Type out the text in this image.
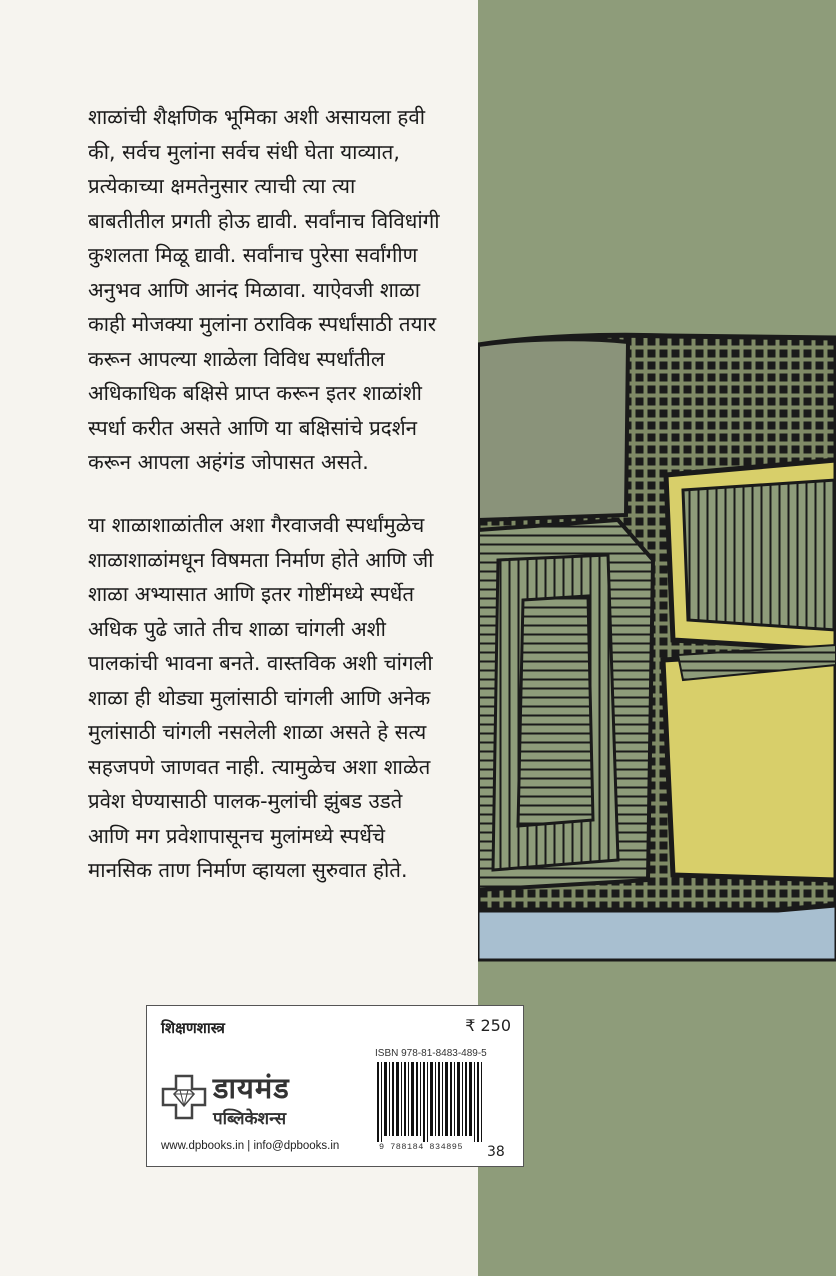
शाळांची शैक्षणिक भूमिका अशी असायला हवी
की, सर्वच मुलांना सर्वच संधी घेता याव्यात,
प्रत्येकाच्या क्षमतेनुसार त्याची त्या त्या
बाबतीतील प्रगती होऊ द्यावी. सर्वांनाच विविधांगी
कुशलता मिळू द्यावी. सर्वांनाच पुरेसा सर्वांगीण
अनुभव आणि आनंद मिळावा. याऐवजी शाळा
काही मोजक्या मुलांना ठराविक स्पर्धांसाठी तयार
करून आपल्या शाळेला विविध स्पर्धांतील
अधिकाधिक बक्षिसे प्राप्त करून इतर शाळांशी
स्पर्धा करीत असते आणि या बक्षिसांचे प्रदर्शन
करून आपला अहंगंड जोपासत असते.
या शाळाशाळांतील अशा गैरवाजवी स्पर्धांमुळेच
शाळाशाळांमधून विषमता निर्माण होते आणि जी
शाळा अभ्यासात आणि इतर गोष्टींमध्ये स्पर्धेत
अधिक पुढे जाते तीच शाळा चांगली अशी
पालकांची भावना बनते. वास्तविक अशी चांगली
शाळा ही थोड्या मुलांसाठी चांगली आणि अनेक
मुलांसाठी चांगली नसलेली शाळा असते हे सत्य
सहजपणे जाणवत नाही. त्यामुळेच अशा शाळेत
प्रवेश घेण्यासाठी पालक-मुलांची झुंबड उडते
आणि मग प्रवेशापासूनच मुलांमध्ये स्पर्धेचे
मानसिक ताण निर्माण व्हायला सुरुवात होते.
शिक्षणशास्त्र	₹ 250
ISBN 978-81-8483-489-5
9 788184 834895 38
डायमंड
पब्लिकेशन्स
www.dpbooks.in | info@dpbooks.in
